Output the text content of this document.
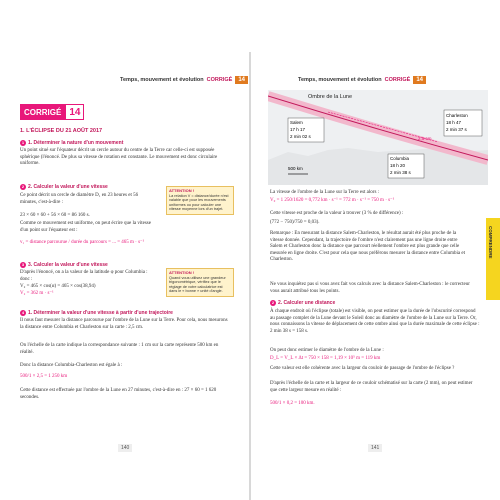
Temps, mouvement et évolution CORRIGÉ 14
CORRIGÉ 14
1. L'ÉCLIPSE DU 21 AOÛT 2017
1 1. Déterminer la nature d'un mouvement
Un point situé sur l'équateur décrit un cercle autour du centre de la Terre car celle-ci est supposée sphérique (l'énoncé. De plus sa vitesse de rotation est constante. Le mouvement est donc circulaire uniforme.
2 2. Calculer la valeur d'une vitesse
Ce point décrit un cercle de diamètre D₁ en 23 heures et 56 minutes, c'est-à-dire :
23 × 60 × 60 + 56 × 60 = 86 160 s.
Comme ce mouvement est uniforme, on peut écrire que la vitesse d'un point sur l'équateur est :
v₁ = distance parcourue / durée du parcours = ... = 465 m · s⁻¹
ATTENTION !
La relation V = distance/durée n'est valable que pour les mouvements uniformes ou pour calculer une vitesse moyenne lors d'un trajet.
3 3. Calculer la valeur d'une vitesse
D'après l'énoncé, on a la valeur de la latitude φ pour Columbia : donc :
V₂ = 465 × cos(α) = 465 × cos(38,94)
V₂ = 362 m · s⁻¹
ATTENTION !
Quand vous utilisez une grandeur trigonométrique, vérifiez que le réglage de votre calculatrice est dans le « bonne » unité d'angle.
4 1. Déterminer la valeur d'une vitesse à partir d'une trajectoire
Il nous faut mesurer la distance parcourue par l'ombre de la Lune sur la Terre. Pour cela, nous mesurons la distance entre Columbia et Charleston sur la carte : 2,5 cm.
On l'échelle de la carte indique la correspondance suivante : 1 cm sur la carte représente 500 km en réalité.
Donc la distance Columbia-Charleston est égale à :
500/1 × 2,5 = 1 250 km
Cette distance est effectuée par l'ombre de la Lune en 27 minutes, c'est-à-dire en : 27 × 60 = 1 620 secondes.
140
Temps, mouvement et évolution CORRIGÉ 14
Ombre de la Lune
Salem
17 h 17
2 min 02 s
Charleston
18 h 47
2 min 37 s
Columbia
18 h 20
2 min 38 s
2,5 cm
500 km
La vitesse de l'ombre de la Lune sur la Terre est alors :
V₀ = 1 250/1620 = 0,772 km · s⁻¹ = 772 m · s⁻¹ = 750 m · s⁻¹
Cette vitesse est proche de la valeur à trouver (3 % de différence) :
(772 − 750)/750 = 0,03).
Remarque : En mesurant la distance Salem-Charleston, le résultat aurait été plus proche de la vitesse donnée. Cependant, la trajectoire de l'ombre n'est clairement pas une ligne droite entre Salem et Charleston donc la distance que parcourt réellement l'ombre est plus grande que celle mesurée en ligne droite. C'est pour cela que nous préférons mesurer la distance entre Columbia et Charleston.
Ne vous inquiétez pas si vous avez fait vos calculs avec la distance Salem-Charleston : le correcteur vous aurait attribué tous les points.
2 2. Calculer une distance
À chaque endroit où l'éclipse (totale) est visible, on peut estimer que la durée de l'obscurité correspond au passage complet de la Lune devant le Soleil donc au diamètre de l'ombre de la Lune sur la Terre. Or, nous connaissons la vitesse de déplacement de cette ombre ainsi que la durée maximale de cette éclipse : 2 min 38 s = 158 s.
On peut donc estimer le diamètre de l'ombre de la Lune :
D_L = V_L × Δt = 750 × 158 = 1,19 × 10⁵ m = 119 km
Cette valeur est elle cohérente avec la largeur du couloir de passage de l'ombre de l'éclipse ?
D'après l'échelle de la carte et la largeur de ce couloir schématisé sur la carte (2 mm), on peut estimer que cette largeur mesure en réalité :
500/1 × 0,2 = 100 km.
COMPRENDRE
141
